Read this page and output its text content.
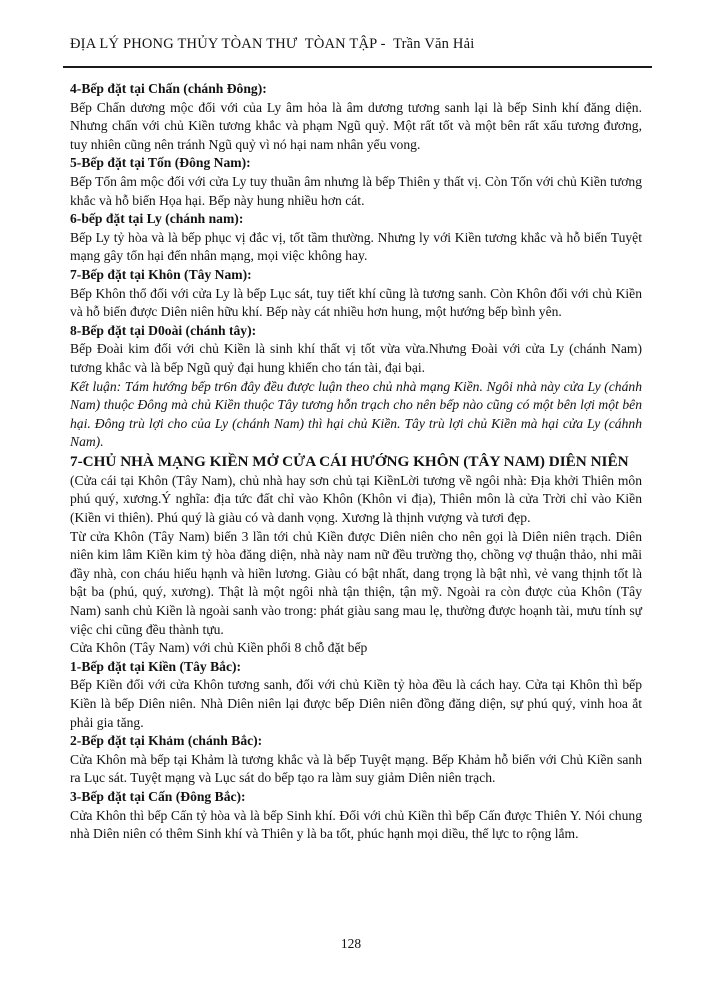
ĐỊA LÝ PHONG THỦY TÒAN THƯ  TÒAN TẬP -  Trần Văn Hải

4-Bếp đặt tại Chấn (chánh Đông):

Bếp Chấn dương mộc đối với của Ly âm hỏa là âm dương tương sanh lại là bếp Sinh khí đăng diện. Nhưng chấn với chủ Kiền tương khắc và phạm Ngũ quỷ. Một rất tốt và một bên rất xấu tương đương, tuy nhiên cũng nên tránh Ngũ quỷ vì nó hại nam nhân yểu vong.

5-Bếp đặt tại Tốn (Đông Nam):

Bếp Tốn âm mộc đối với cửa Ly tuy thuần âm nhưng là bếp Thiên y thất vị. Còn Tốn với chủ Kiền tương khắc và hỗ biến Họa hại. Bếp này hung nhiều hơn cát.

6-bếp đặt tại Ly (chánh nam):

Bếp Ly tỷ hòa và là bếp phục vị đắc vị, tốt tầm thường. Nhưng ly với Kiền tương khắc và hỗ biến Tuyệt mạng gây tổn hại đến nhân mạng, mọi việc không hay.

7-Bếp đặt tại Khôn (Tây Nam):

Bếp Khôn thổ đối với cửa Ly là bếp Lục sát, tuy tiết khí cũng là tương sanh. Còn Khôn đối với chủ Kiền và hỗ biến được Diên niên hữu khí. Bếp này cát nhiều hơn hung, một hướng bếp bình yên.

8-Bếp đặt tại D0oài (chánh tây):

Bếp Đoài kim đối với chủ Kiền là sinh khí thất vị tốt vừa vừa.Nhưng Đoài với cửa Ly (chánh Nam) tương khắc và là bếp Ngũ quỷ đại hung khiến cho tán tài, đại bại.

Kết luận: Tám hướng bếp tr6n đây đều được luận theo chủ nhà mạng Kiền. Ngôi nhà này cửa Ly (chánh Nam) thuộc Đông mà chủ Kiền thuộc Tây tương hỗn trạch cho nên bếp nào cũng có một bên lợi một bên hại. Đông trù lợi cho của Ly (chánh Nam) thì hại chủ Kiền. Tây trù lợi chủ Kiền mà hại cửa Ly (cáhnh Nam).

7-CHỦ NHÀ MẠNG KIỀN MỞ CỬA CÁI HƯỚNG KHÔN (TÂY NAM) DIÊN NIÊN

(Cửa cái tại Khôn (Tây Nam), chủ nhà hay sơn chủ tại KiềnLời tương về ngôi nhà: Địa khởi Thiên môn phú quý, xương.Ý nghĩa: địa tức đất chỉ vào Khôn (Khôn vi địa), Thiên môn là cửa Trời chỉ vào Kiền (Kiền vi thiên). Phú quý là giàu có và danh vọng. Xương là thịnh vượng và tươi đẹp.

Từ cửa Khôn (Tây Nam) biến 3 lần tới chủ Kiền được Diên niên cho nên gọi là Diên niên trạch. Diên niên kim lâm Kiền kim tỷ hòa đăng diện, nhà này nam nữ đều trường thọ, chồng vợ thuận thảo, nhi mãi đầy nhà, con cháu hiếu hạnh và hiền lương. Giàu có bật nhất, dang trọng là bật nhì, vẻ vang thịnh tốt là bật ba (phú, quý, xương). Thật là một ngôi nhà tận thiện, tận mỹ. Ngoài ra còn được của Khôn (Tây Nam) sanh chủ Kiền là ngoài sanh vào trong: phát giàu sang mau lẹ, thường được hoạnh tài, mưu tính sự việc chi cũng đều thành tựu.

Cửa Khôn (Tây Nam) với chủ Kiền phối 8 chỗ đặt bếp

1-Bếp đặt tại Kiền (Tây Bắc):

Bếp Kiền đối với cửa Khôn tương sanh, đối với chủ Kiền tỷ hòa đều là cách hay. Cửa tại Khôn thì bếp Kiền là bếp Diên niên. Nhà Diên niên lại được bếp Diên niên đồng đăng diện, sự phú quý, vinh hoa ắt phải gia tăng.

2-Bếp đặt tại Khảm (chánh Bắc):

Cửa Khôn mà bếp tại Khảm là tương khắc và là bếp Tuyệt mạng. Bếp Khảm hỗ biến với Chủ Kiền sanh ra Lục sát. Tuyệt mạng và Lục sát do bếp tạo ra làm suy giảm Diên niên trạch.

3-Bếp đặt tại Cấn (Đông Bắc):

Cửa Khôn thì bếp Cấn tỷ hòa và là bếp Sinh khí. Đối với chủ Kiền thì bếp Cấn được Thiên Y. Nói chung nhà Diên niên có thêm Sinh khí và Thiên y là ba tốt, phúc hạnh mọi diều, thế lực to rộng lắm.

128
